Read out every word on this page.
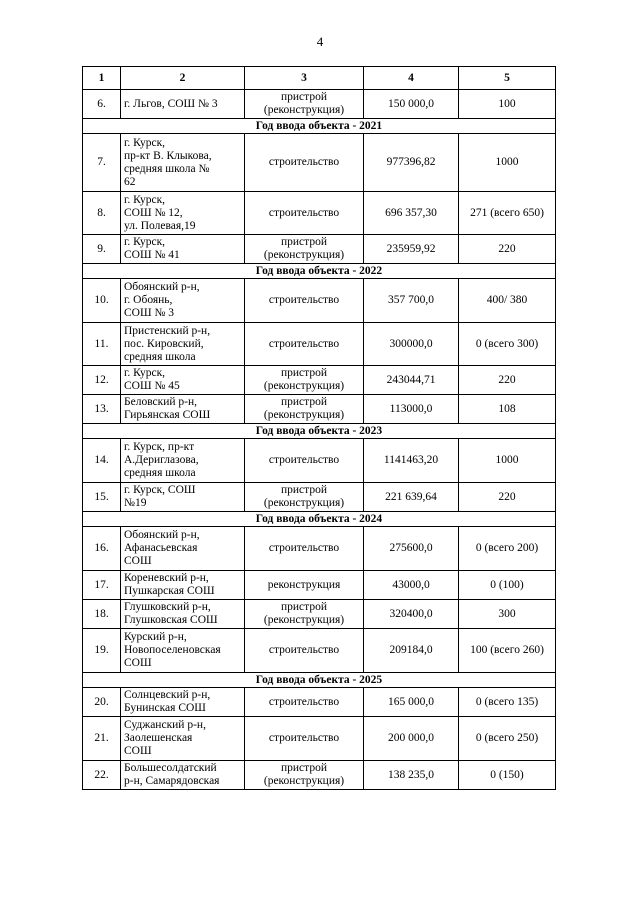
4
1	2	3	4	5
6.	г. Льгов, СОШ № 3	пристрой
(реконструкция)	150 000,0	100
Год ввода объекта - 2021				
7.	г. Курск,
пр-кт В. Клыкова,
средняя школа №
62	строительство	977396,82	1000
8.	г. Курск,
СОШ № 12,
ул. Полевая,19	строительство	696 357,30	271 (всего 650)
9.	г. Курск,
СОШ № 41	пристрой
(реконструкция)	235959,92	220
Год ввода объекта - 2022				
10.	Обоянский р-н,
г. Обоянь,
СОШ № 3	строительство	357 700,0	400/ 380
11.	Пристенский р-н,
пос. Кировский,
средняя школа	строительство	300000,0	0 (всего 300)
12.	г. Курск,
СОШ № 45	пристрой
(реконструкция)	243044,71	220
13.	Беловский р-н,
Гирьянская СОШ	пристрой
(реконструкция)	113000,0	108
Год ввода объекта - 2023				
14.	г. Курск, пр-кт
А.Дериглазова,
средняя школа	строительство	1141463,20	1000
15.	г. Курск, СОШ
№19	пристрой
(реконструкция)	221 639,64	220
Год ввода объекта - 2024				
16.	Обоянский р-н,
Афанасьевская
СОШ	строительство	275600,0	0 (всего 200)
17.	Кореневский р-н,
Пушкарская СОШ	реконструкция	43000,0	0 (100)
18.	Глушковский р-н,
Глушковская СОШ	пристрой
(реконструкция)	320400,0	300
19.	Курский р-н,
Новопоселеновская
СОШ	строительство	209184,0	100 (всего 260)
Год ввода объекта - 2025				
20.	Солнцевский р-н,
Бунинская СОШ	строительство	165 000,0	0 (всего 135)
21.	Суджанский р-н,
Заолешенская
СОШ	строительство	200 000,0	0 (всего 250)
22.	Большесолдатский
р-н, Самарядовская	пристрой
(реконструкция)	138 235,0	0 (150)
